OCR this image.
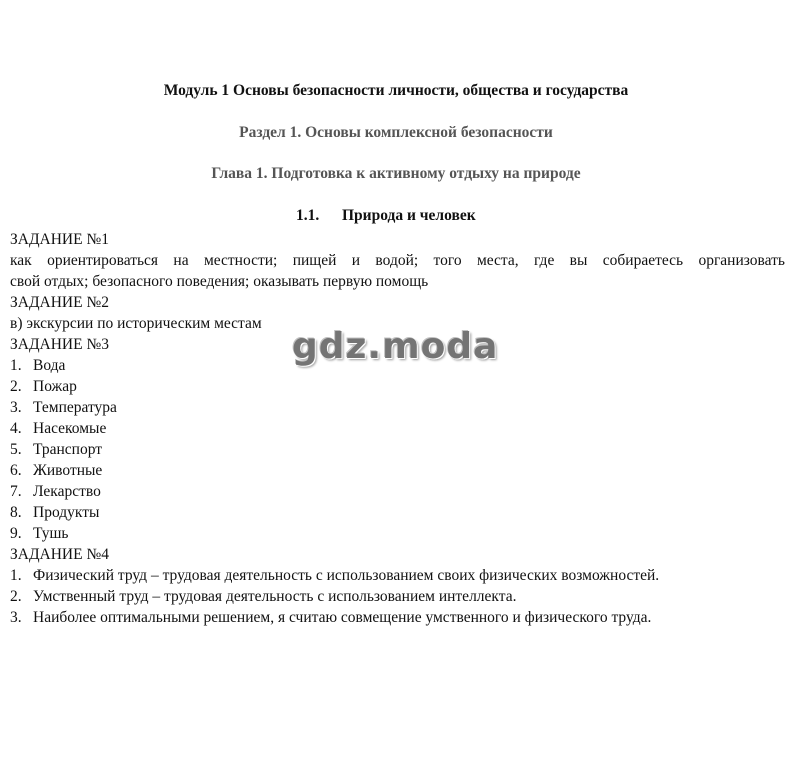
Модуль 1 Основы безопасности личности, общества и государства
Раздел 1. Основы комплексной безопасности
Глава 1. Подготовка к активному отдыху на природе
1.1. Природа и человек
ЗАДАНИЕ №1
как ориентироваться на местности; пищей и водой; того места, где вы собираетесь организовать
свой отдых; безопасного поведения; оказывать первую помощь
ЗАДАНИЕ №2
в) экскурсии по историческим местам
ЗАДАНИЕ №3
1. Вода
2. Пожар
3. Температура
4. Насекомые
5. Транспорт
6. Животные
7. Лекарство
8. Продукты
9. Тушь
ЗАДАНИЕ №4
1. Физический труд – трудовая деятельность с использованием своих физических возможностей.
2. Умственный труд – трудовая деятельность с использованием интеллекта.
3. Наиболее оптимальными решением, я считаю совмещение умственного и физического труда.
gdz.moda
